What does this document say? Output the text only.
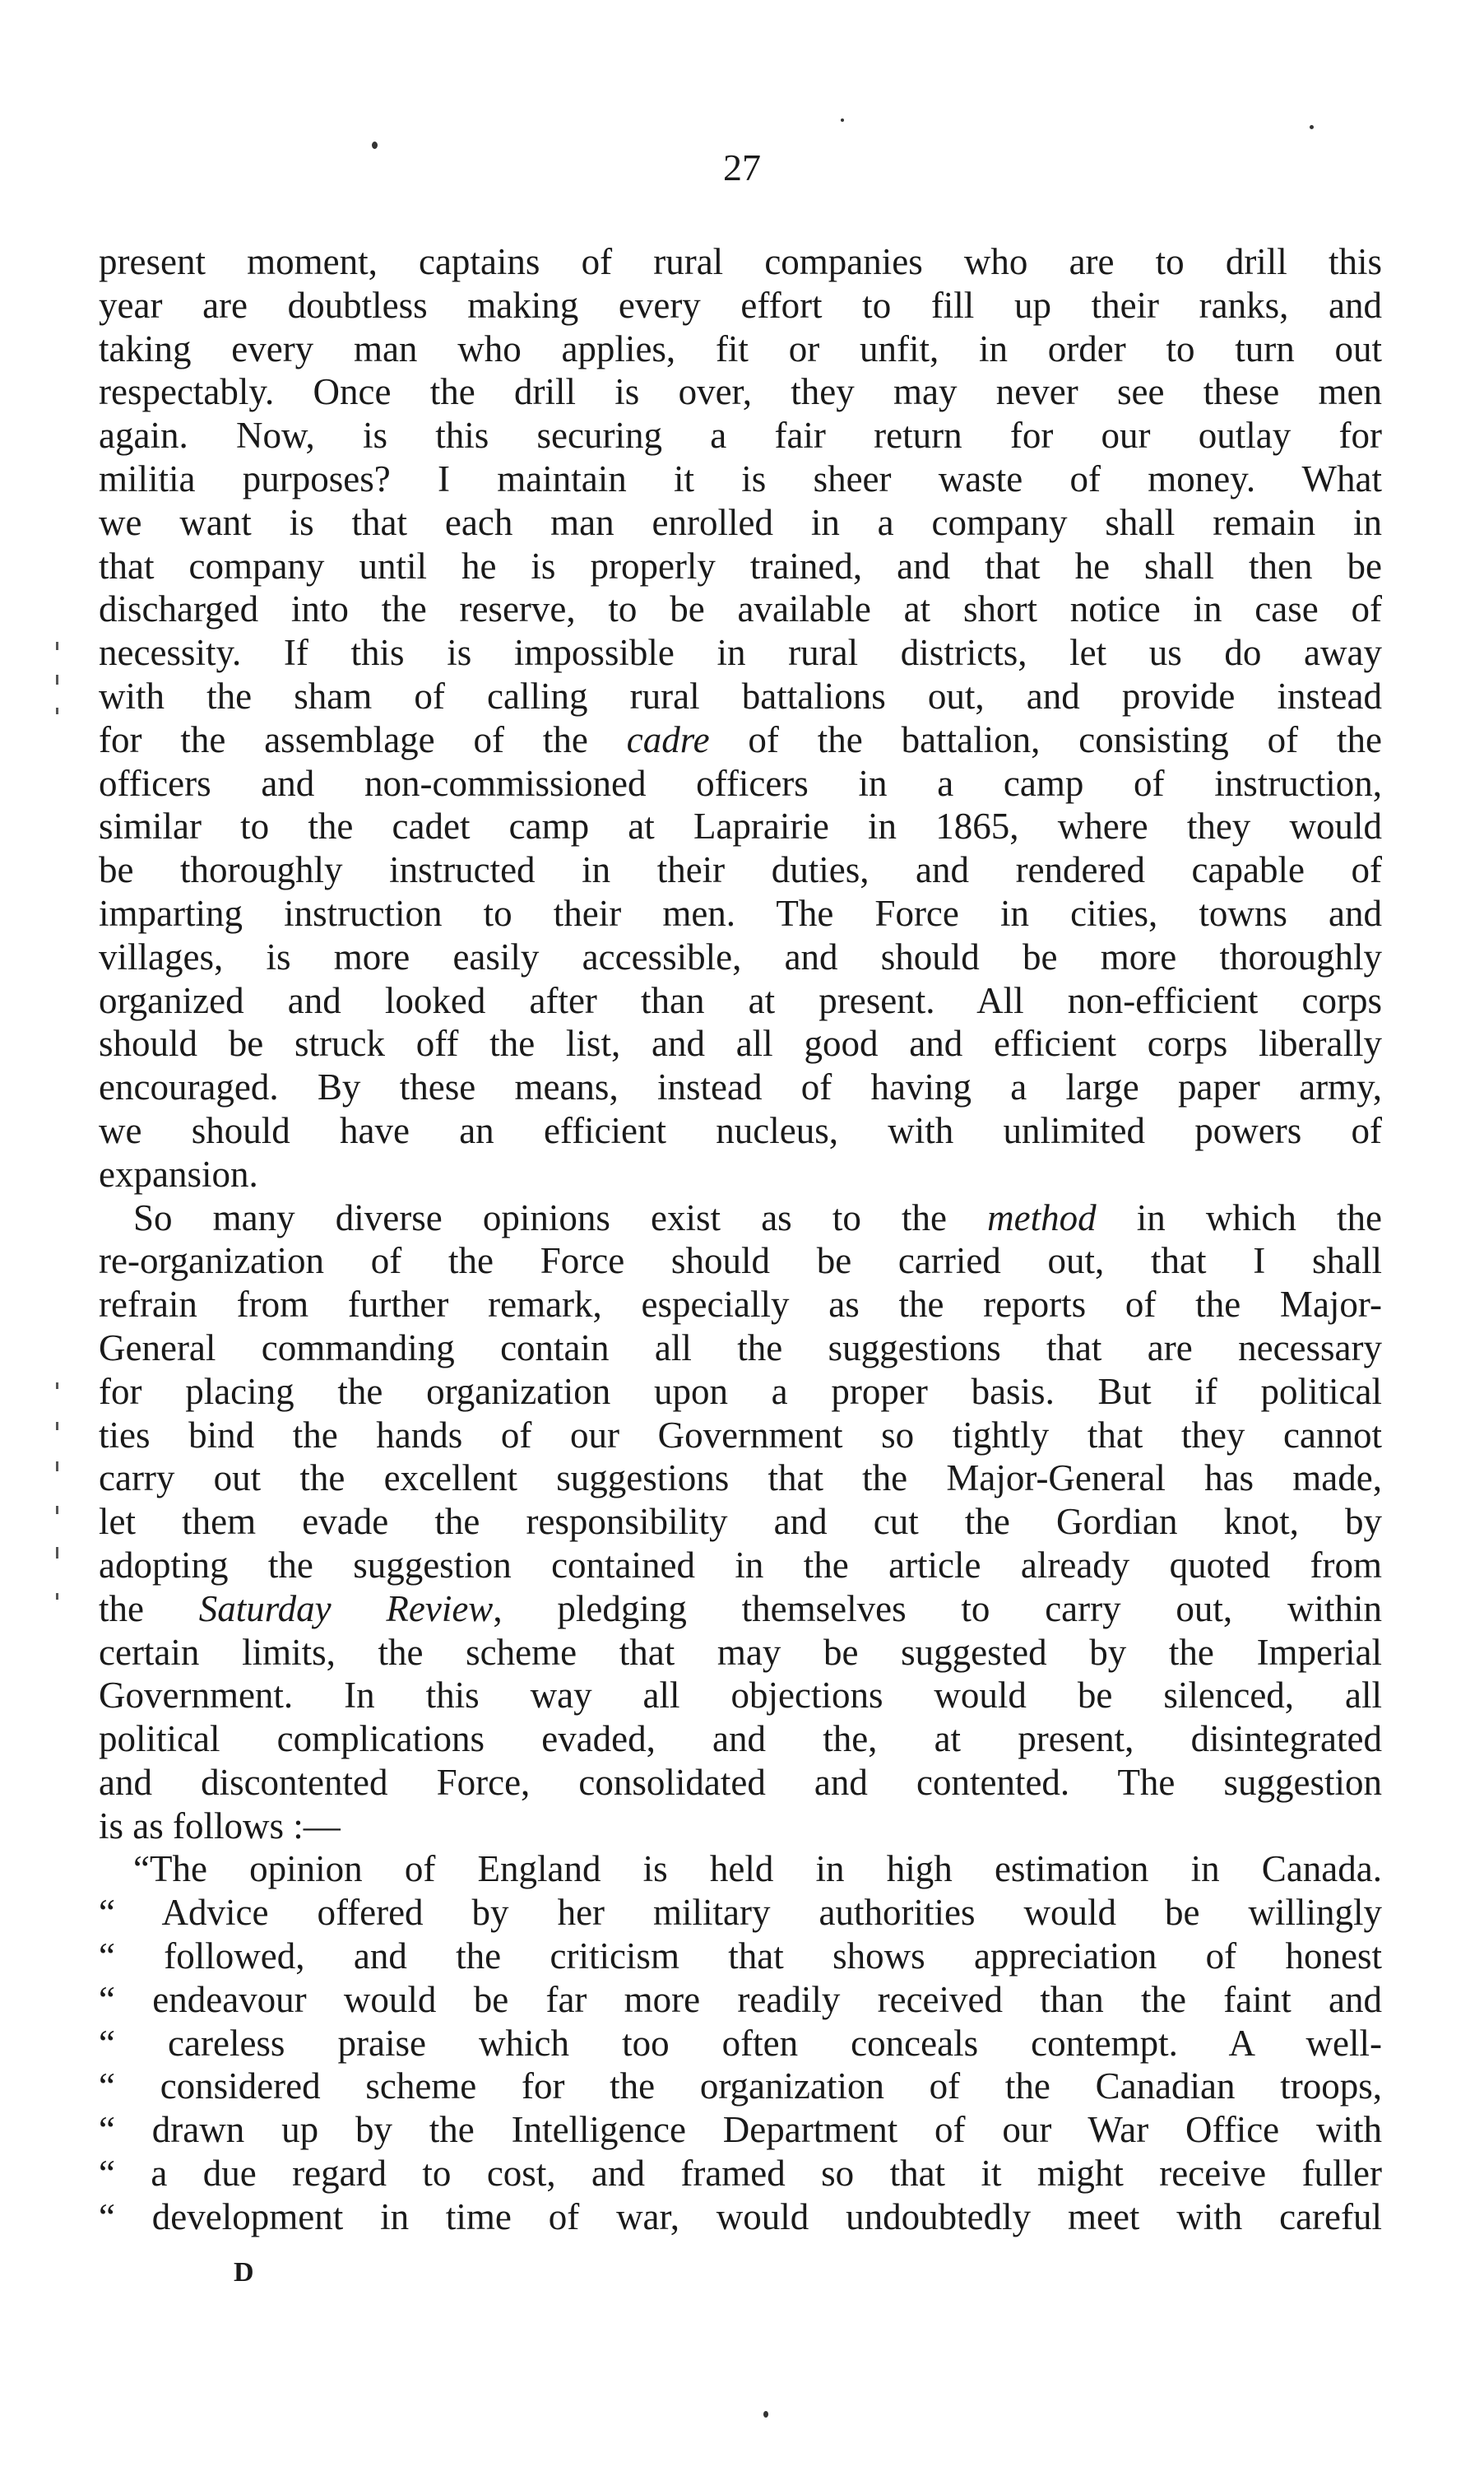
27
present moment, captains of rural companies who are to drill this
year are doubtless making every effort to fill up their ranks, and
taking every man who applies, fit or unfit, in order to turn out
respectably. Once the drill is over, they may never see these men
again. Now, is this securing a fair return for our outlay for
militia purposes? I maintain it is sheer waste of money. What
we want is that each man enrolled in a company shall remain in
that company until he is properly trained, and that he shall then be
discharged into the reserve, to be available at short notice in case of
necessity. If this is impossible in rural districts, let us do away
with the sham of calling rural battalions out, and provide instead
for the assemblage of the cadre of the battalion, consisting of the
officers and non-commissioned officers in a camp of instruction,
similar to the cadet camp at Laprairie in 1865, where they would
be thoroughly instructed in their duties, and rendered capable of
imparting instruction to their men. The Force in cities, towns and
villages, is more easily accessible, and should be more thoroughly
organized and looked after than at present. All non-efficient corps
should be struck off the list, and all good and efficient corps liberally
encouraged. By these means, instead of having a large paper army,
we should have an efficient nucleus, with unlimited powers of
expansion.
So many diverse opinions exist as to the method in which the
re-organization of the Force should be carried out, that I shall
refrain from further remark, especially as the reports of the Major-
General commanding contain all the suggestions that are necessary
for placing the organization upon a proper basis. But if political
ties bind the hands of our Government so tightly that they cannot
carry out the excellent suggestions that the Major-General has made,
let them evade the responsibility and cut the Gordian knot, by
adopting the suggestion contained in the article already quoted from
the Saturday Review, pledging themselves to carry out, within
certain limits, the scheme that may be suggested by the Imperial
Government. In this way all objections would be silenced, all
political complications evaded, and the, at present, disintegrated
and discontented Force, consolidated and contented. The suggestion
is as follows :—
“The opinion of England is held in high estimation in Canada.
“ Advice offered by her military authorities would be willingly
“ followed, and the criticism that shows appreciation of honest
“ endeavour would be far more readily received than the faint and
“ careless praise which too often conceals contempt. A well-
“ considered scheme for the organization of the Canadian troops,
“ drawn up by the Intelligence Department of our War Office with
“ a due regard to cost, and framed so that it might receive fuller
“ development in time of war, would undoubtedly meet with careful
D
